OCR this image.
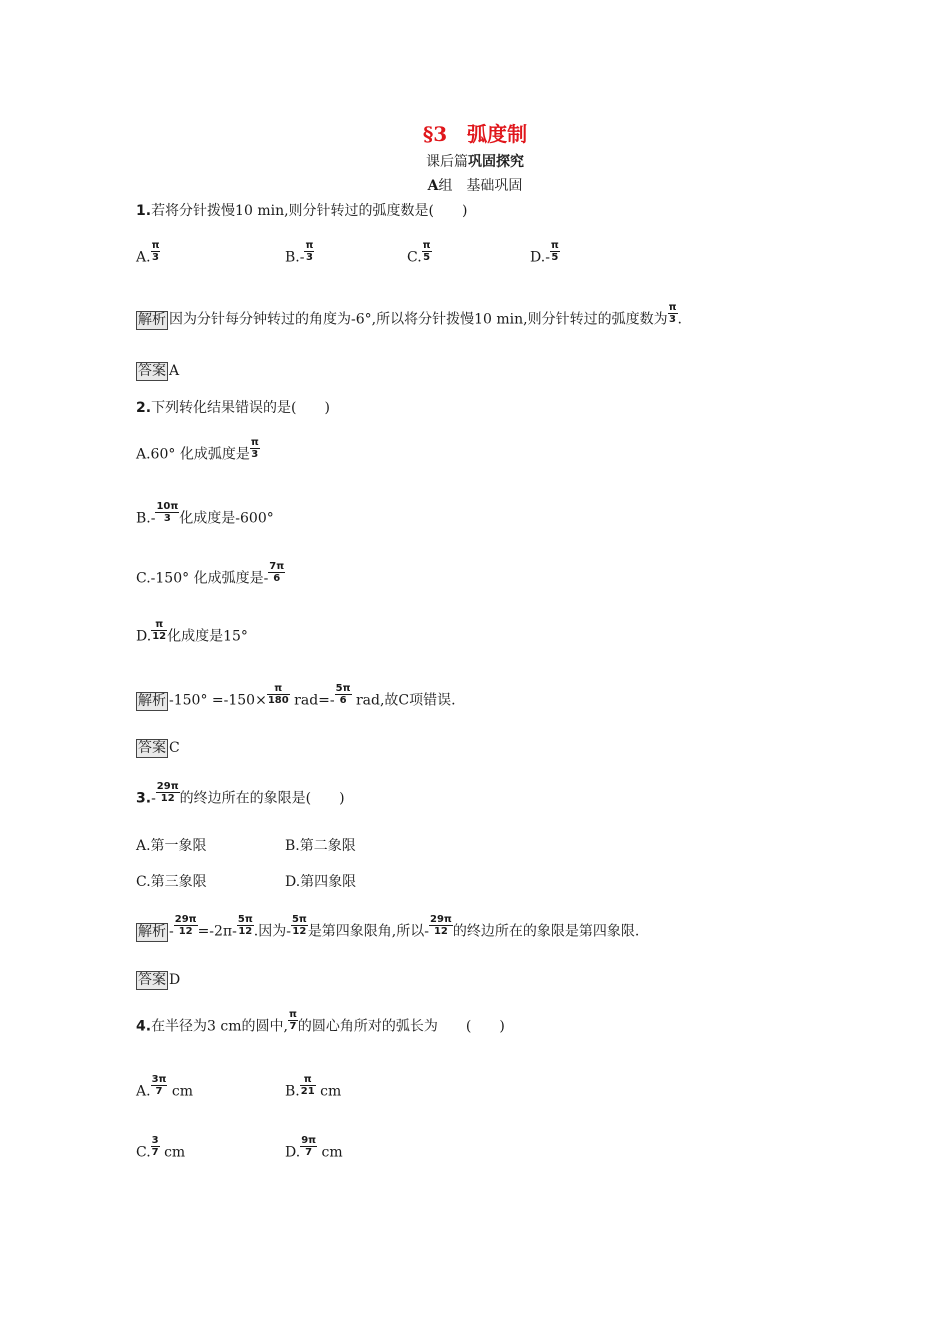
§3　弧度制
课后篇巩固探究
A组　基础巩固
1.若将分针拨慢10 min,则分针转过的弧度数是(　　)
A. $\frac{\pi}{3}$	$B.- \frac{\pi}{3}$	C. $\frac{\pi}{5}$	$D.- \frac{\pi}{5}$
解析 因为分针每分钟转过的角度为-6°,所以将分针拨慢10 min,则分针转过的弧度数为 $\frac{\pi}{3}$ .
答案 A
2.下列转化结果错误的是(　　)
A.60° 化成弧度是 $\frac{\pi}{3}$
$B.- \frac{10\pi}{3}$ 化成度是-600°
C.-150° 化成弧度是- $\frac{7\pi}{6}$
D. $\frac{\pi}{12}$ 化成度是15°
解析 $-150^\circ =-150\times \frac{\pi}{180} rad=- \frac{5\pi}{6}$ rad,故C项错误.
答案 C
$3.- \frac{29\pi}{12}$ 的终边所在的象限是(　　)
A.第一象限	B.第二象限
C.第三象限	D.第四象限
解析 - $\frac{29\pi}{12} =-2\pi- \frac{5\pi}{12}$ .因为- $\frac{5\pi}{12}$ 是第四象限角,所以- $\frac{29\pi}{12}$ 的终边所在的象限是第四象限.
答案 D
4.在半径为3 cm的圆中, $\frac{\pi}{7}$ 的圆心角所对的弧长为　　(　　)
A. $\frac{3\pi}{7}$ cm	B. $\frac{\pi}{21}$ cm
C. $\frac{3}{7}$ cm	D. $\frac{9\pi}{7}$ cm
